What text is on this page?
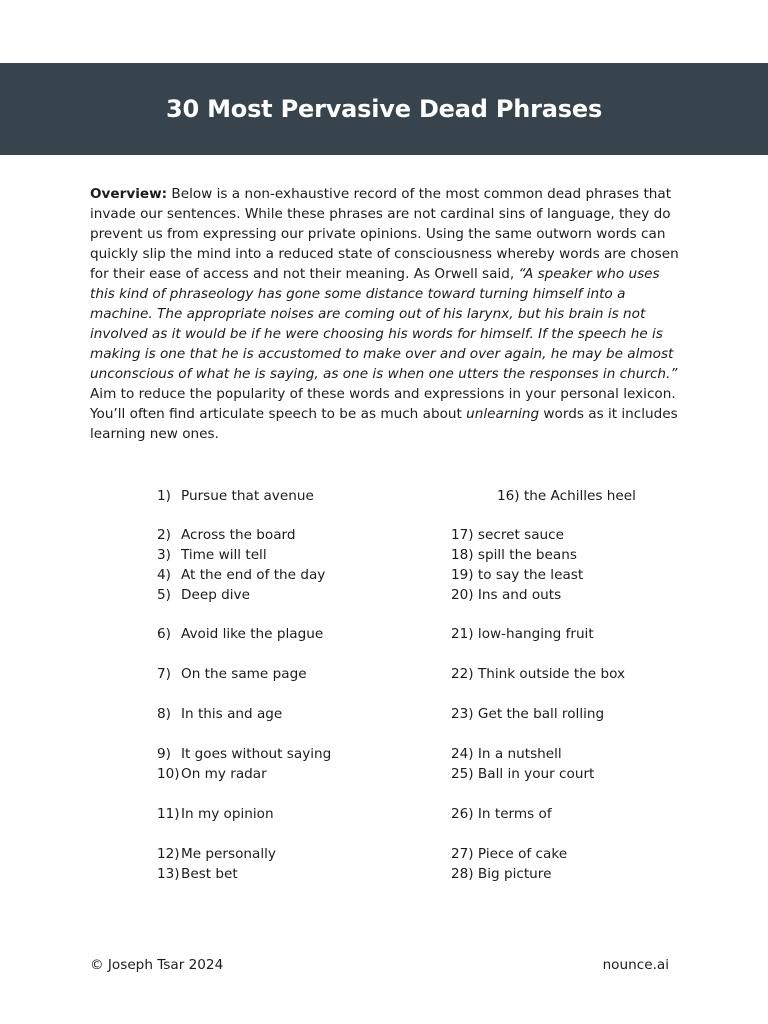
30 Most Pervasive Dead Phrases

Overview: Below is a non-exhaustive record of the most common dead phrases that invade our sentences. While these phrases are not cardinal sins of language, they do prevent us from expressing our private opinions. Using the same outworn words can quickly slip the mind into a reduced state of consciousness whereby words are chosen for their ease of access and not their meaning. As Orwell said, “A speaker who uses this kind of phraseology has gone some distance toward turning himself into a machine. The appropriate noises are coming out of his larynx, but his brain is not involved as it would be if he were choosing his words for himself. If the speech he is making is one that he is accustomed to make over and over again, he may be almost unconscious of what he is saying, as one is when one utters the responses in church.” Aim to reduce the popularity of these words and expressions in your personal lexicon. You’ll often find articulate speech to be as much about unlearning words as it includes learning new ones.

1) Pursue that avenue
2) Across the board
3) Time will tell
4) At the end of the day
5) Deep dive
6) Avoid like the plague
7) On the same page
8) In this and age
9) It goes without saying
10)On my radar
11)In my opinion
12)Me personally
13)Best bet
16) the Achilles heel
17) secret sauce
18) spill the beans
19) to say the least
20) Ins and outs
21) low-hanging fruit
22) Think outside the box
23) Get the ball rolling
24) In a nutshell
25) Ball in your court
26) In terms of
27) Piece of cake
28) Big picture
© Joseph Tsar 2024	nounce.ai
